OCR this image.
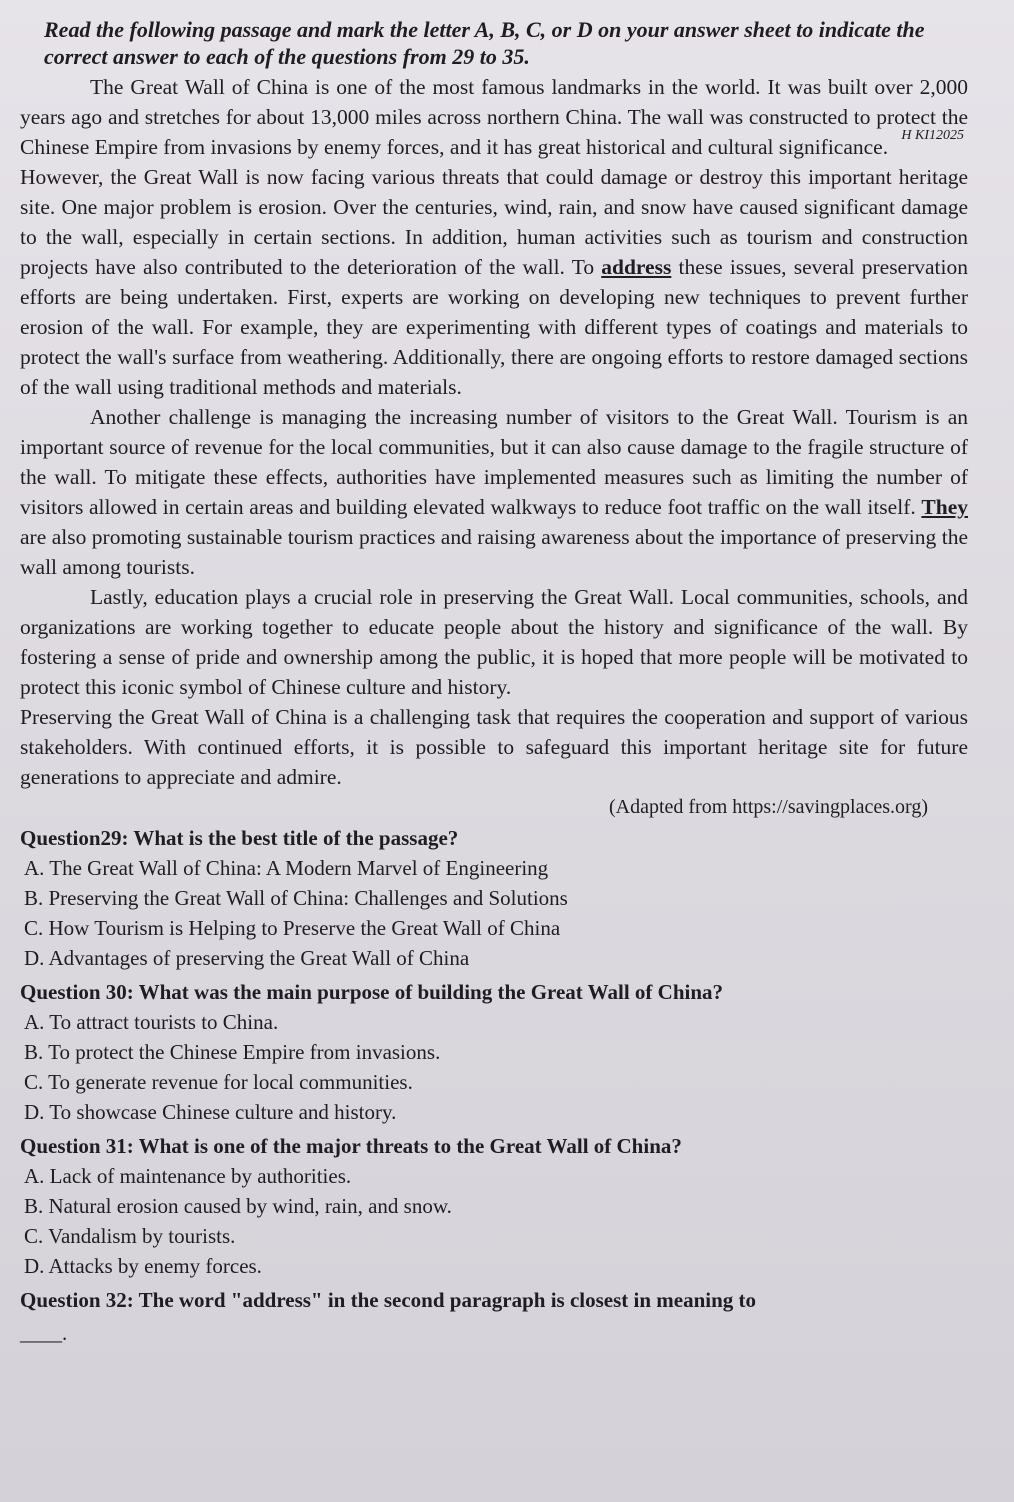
Read the following passage and mark the letter A, B, C, or D on your answer sheet to indicate the correct answer to each of the questions from 29 to 35.
H KI12025

The Great Wall of China is one of the most famous landmarks in the world. It was built over 2,000 years ago and stretches for about 13,000 miles across northern China. The wall was constructed to protect the Chinese Empire from invasions by enemy forces, and it has great historical and cultural significance.

However, the Great Wall is now facing various threats that could damage or destroy this important heritage site. One major problem is erosion. Over the centuries, wind, rain, and snow have caused significant damage to the wall, especially in certain sections. In addition, human activities such as tourism and construction projects have also contributed to the deterioration of the wall. To address these issues, several preservation efforts are being undertaken. First, experts are working on developing new techniques to prevent further erosion of the wall. For example, they are experimenting with different types of coatings and materials to protect the wall's surface from weathering. Additionally, there are ongoing efforts to restore damaged sections of the wall using traditional methods and materials.

Another challenge is managing the increasing number of visitors to the Great Wall. Tourism is an important source of revenue for the local communities, but it can also cause damage to the fragile structure of the wall. To mitigate these effects, authorities have implemented measures such as limiting the number of visitors allowed in certain areas and building elevated walkways to reduce foot traffic on the wall itself. They are also promoting sustainable tourism practices and raising awareness about the importance of preserving the wall among tourists.

Lastly, education plays a crucial role in preserving the Great Wall. Local communities, schools, and organizations are working together to educate people about the history and significance of the wall. By fostering a sense of pride and ownership among the public, it is hoped that more people will be motivated to protect this iconic symbol of Chinese culture and history.

Preserving the Great Wall of China is a challenging task that requires the cooperation and support of various stakeholders. With continued efforts, it is possible to safeguard this important heritage site for future generations to appreciate and admire.

(Adapted from https://savingplaces.org)
Question29: What is the best title of the passage?
A. The Great Wall of China: A Modern Marvel of Engineering
B. Preserving the Great Wall of China: Challenges and Solutions
C. How Tourism is Helping to Preserve the Great Wall of China
D. Advantages of preserving the Great Wall of China
Question 30: What was the main purpose of building the Great Wall of China?
A. To attract tourists to China.
B. To protect the Chinese Empire from invasions.
C. To generate revenue for local communities.
D. To showcase Chinese culture and history.
Question 31: What is one of the major threats to the Great Wall of China?
A. Lack of maintenance by authorities.
B. Natural erosion caused by wind, rain, and snow.
C. Vandalism by tourists.
D. Attacks by enemy forces.
Question 32: The word "address" in the second paragraph is closest in meaning to
____.
